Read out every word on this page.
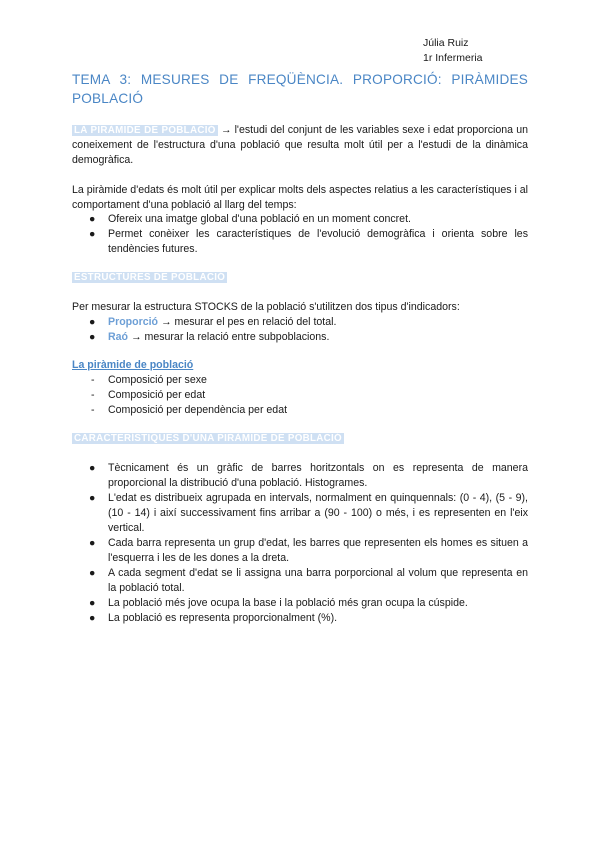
Júlia Ruiz
1r Infermeria
TEMA 3: MESURES DE FREQÜÈNCIA. PROPORCIÓ: PIRÀMIDES POBLACIÓ
LA PIRÀMIDE DE POBLACIÓ → l'estudi del conjunt de les variables sexe i edat proporciona un coneixement de l'estructura d'una població que resulta molt útil per a l'estudi de la dinàmica demogràfica.
La piràmide d'edats és molt útil per explicar molts dels aspectes relatius a les característiques i al comportament d'una població al llarg del temps:
● Ofereix una imatge global d'una població en un moment concret.
● Permet conèixer les característiques de l'evolució demogràfica i orienta sobre les tendències futures.
ESTRUCTURES DE POBLACIÓ
Per mesurar la estructura STOCKS de la població s'utilitzen dos tipus d'indicadors:
● Proporció → mesurar el pes en relació del total.
● Raó → mesurar la relació entre subpoblacions.
La piràmide de població
- Composició per sexe
- Composició per edat
- Composició per dependència per edat
CARACTERÍSTIQUES D'UNA PIRÀMIDE DE POBLACIÓ
● Tècnicament és un gràfic de barres horitzontals on es representa de manera proporcional la distribució d'una població. Histogrames.
● L'edat es distribueix agrupada en intervals, normalment en quinquennals: (0 - 4), (5 - 9), (10 - 14) i així successivament fins arribar a (90 - 100) o més, i es representen en l'eix vertical.
● Cada barra representa un grup d'edat, les barres que representen els homes es situen a l'esquerra i les de les dones a la dreta.
● A cada segment d'edat se li assigna una barra porporcional al volum que representa en la població total.
● La població més jove ocupa la base i la població més gran ocupa la cúspide.
● La població es representa proporcionalment (%).
